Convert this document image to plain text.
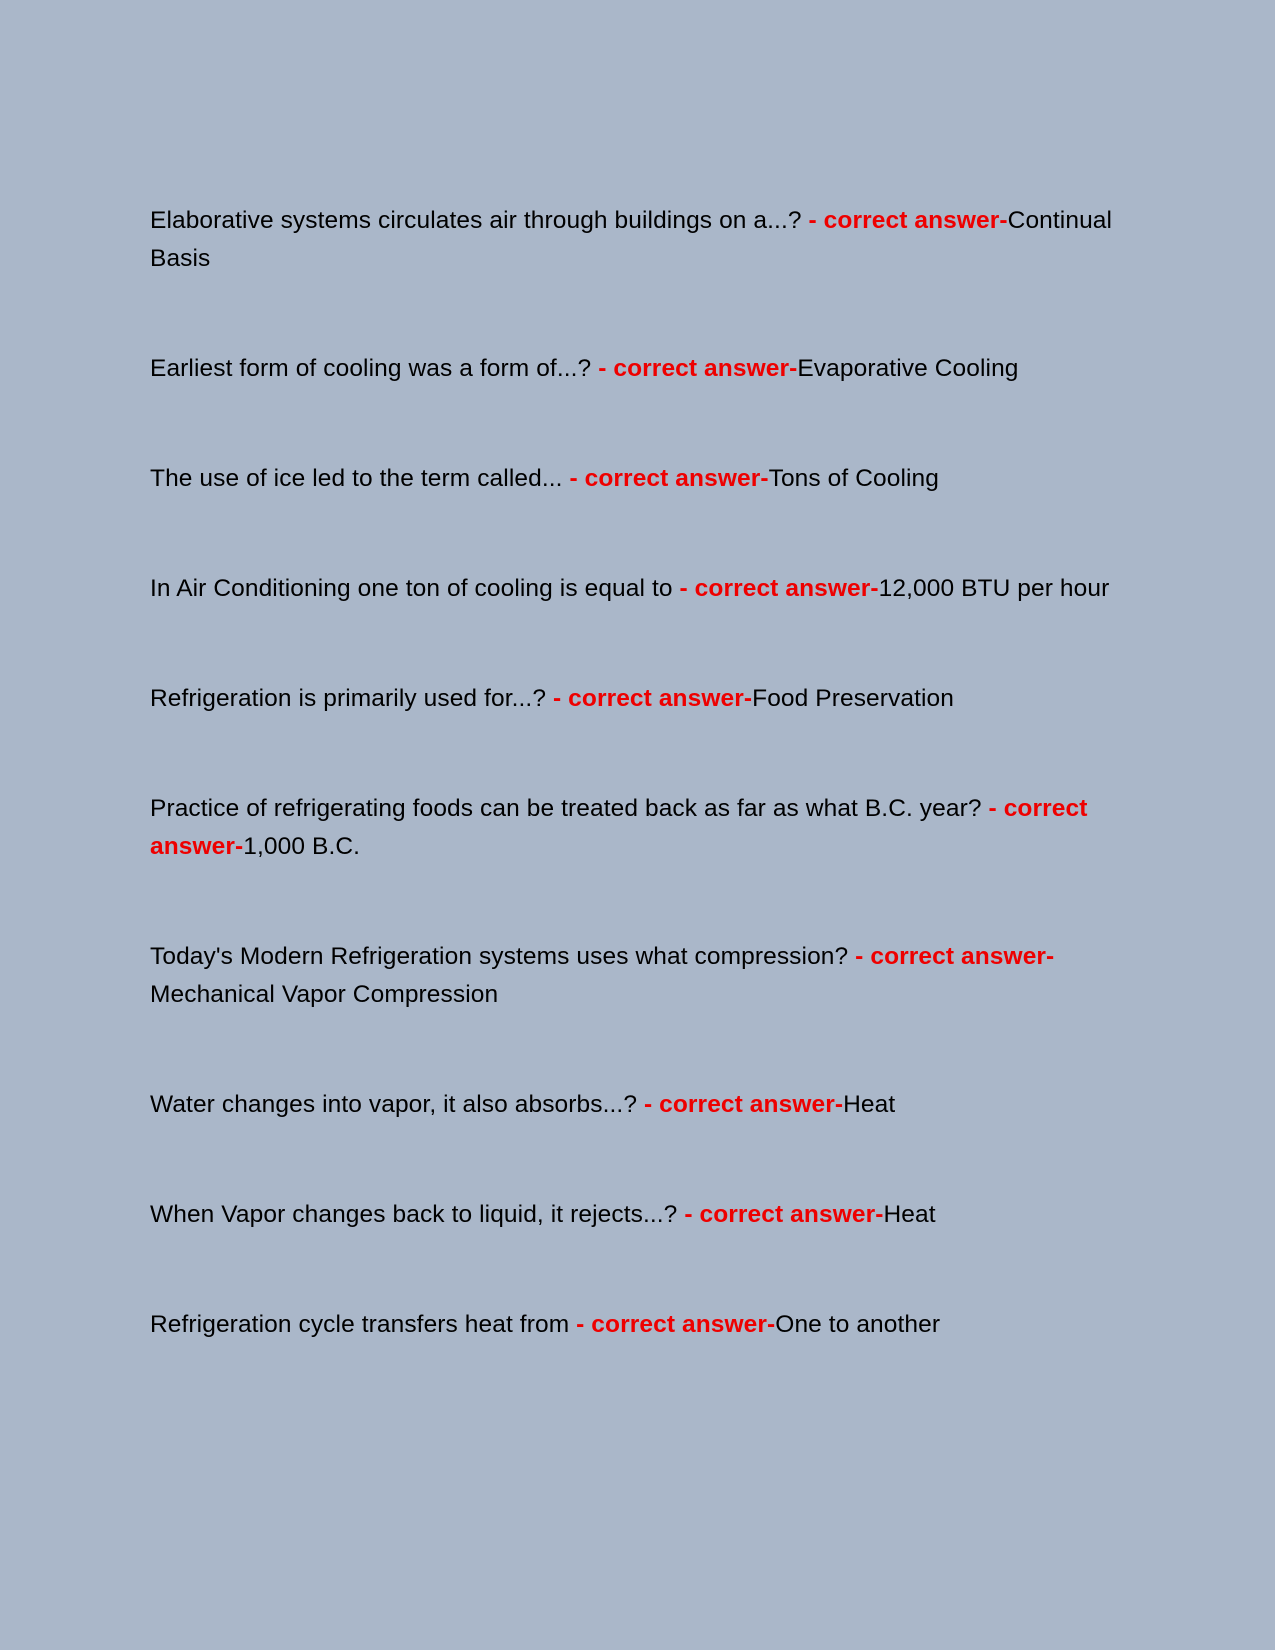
Elaborative systems circulates air through buildings on a...? - correct answer-Continual Basis
Earliest form of cooling was a form of...? - correct answer-Evaporative Cooling
The use of ice led to the term called... - correct answer-Tons of Cooling
In Air Conditioning one ton of cooling is equal to - correct answer-12,000 BTU per hour
Refrigeration is primarily used for...? - correct answer-Food Preservation
Practice of refrigerating foods can be treated back as far as what B.C. year? - correct answer-1,000 B.C.
Today's Modern Refrigeration systems uses what compression? - correct answer-Mechanical Vapor Compression
Water changes into vapor, it also absorbs...? - correct answer-Heat
When Vapor changes back to liquid, it rejects...? - correct answer-Heat
Refrigeration cycle transfers heat from - correct answer-One to another
